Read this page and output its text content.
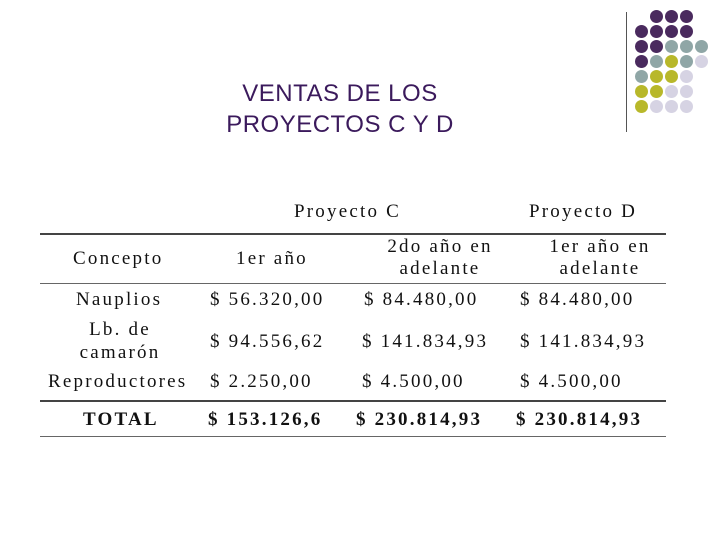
VENTAS DE LOS
PROYECTOS C Y D
Proyecto C	Proyecto D
Concepto	1er año
2do año en
adelante
1er año en
adelante
Nauplios	$ 56.320,00 $ 84.480,00 $ 84.480,00
Lb. de
camarón
$ 94.556,62 $ 141.834,93 $ 141.834,93
Reproductores $ 2.250,00	$ 4.500,00	$ 4.500,00
TOTAL	$ 153.126,6 $ 230.814,93 $ 230.814,93
